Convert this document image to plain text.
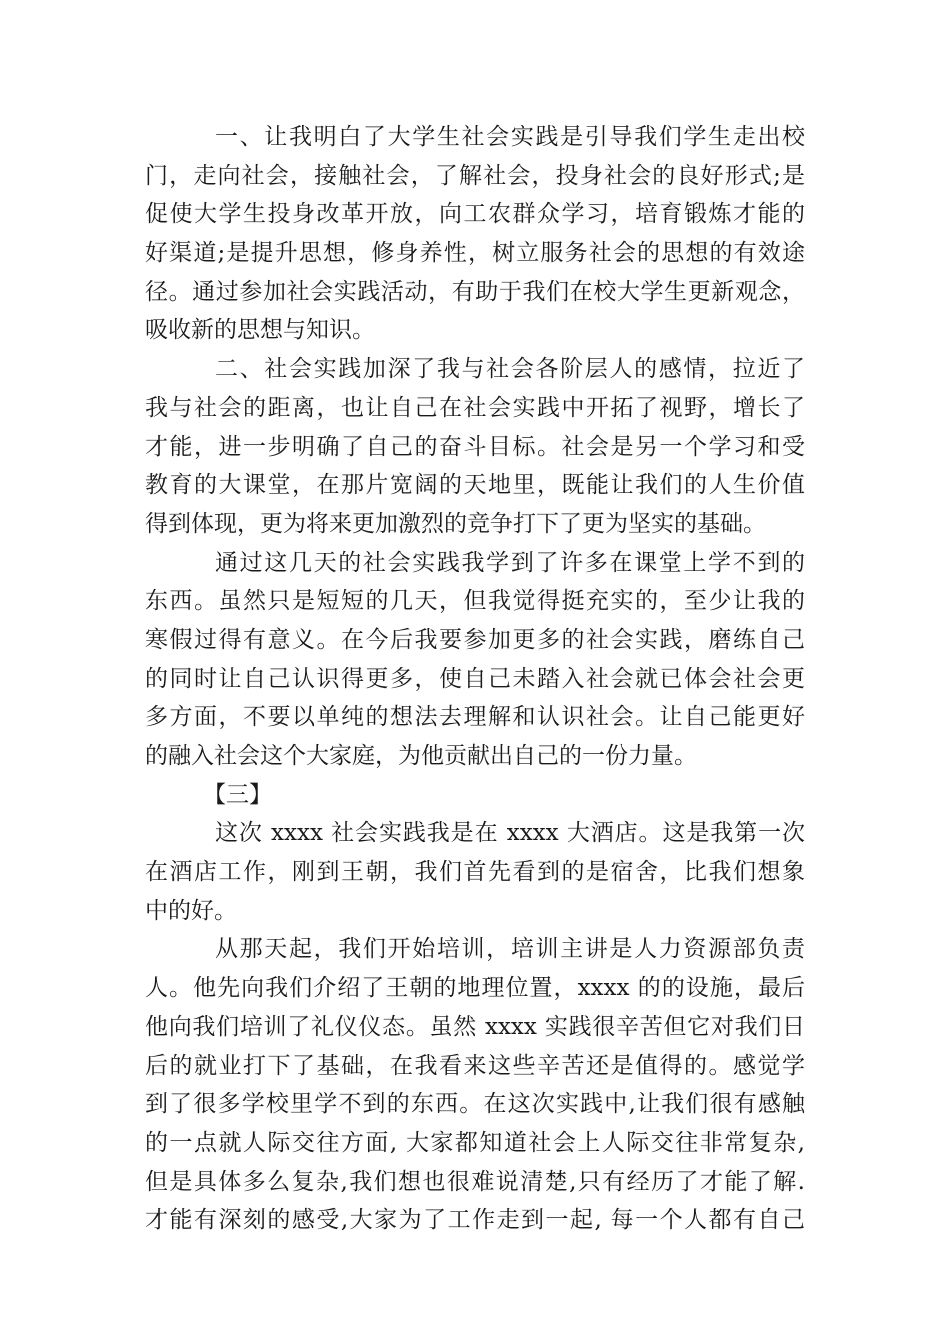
一、让我明白了大学生社会实践是引导我们学生走出校
门，走向社会，接触社会，了解社会，投身社会的良好形式;是
促使大学生投身改革开放，向工农群众学习，培育锻炼才能的
好渠道;是提升思想，修身养性，树立服务社会的思想的有效途
径。通过参加社会实践活动，有助于我们在校大学生更新观念，
吸收新的思想与知识。
二、社会实践加深了我与社会各阶层人的感情，拉近了
我与社会的距离，也让自己在社会实践中开拓了视野，增长了
才能，进一步明确了自己的奋斗目标。社会是另一个学习和受
教育的大课堂，在那片宽阔的天地里，既能让我们的人生价值
得到体现，更为将来更加激烈的竞争打下了更为坚实的基础。
通过这几天的社会实践我学到了许多在课堂上学不到的
东西。虽然只是短短的几天，但我觉得挺充实的，至少让我的
寒假过得有意义。在今后我要参加更多的社会实践，磨练自己
的同时让自己认识得更多，使自己未踏入社会就已体会社会更
多方面，不要以单纯的想法去理解和认识社会。让自己能更好
的融入社会这个大家庭，为他贡献出自己的一份力量。
【三】
这次 xxxx 社会实践我是在 xxxx 大酒店。这是我第一次
在酒店工作，刚到王朝，我们首先看到的是宿舍，比我们想象
中的好。
从那天起，我们开始培训，培训主讲是人力资源部负责
人。他先向我们介绍了王朝的地理位置，xxxx 的的设施，最后
他向我们培训了礼仪仪态。虽然 xxxx 实践很辛苦但它对我们日
后的就业打下了基础，在我看来这些辛苦还是值得的。感觉学
到了很多学校里学不到的东西。在这次实践中,让我们很有感触
的一点就人际交往方面, 大家都知道社会上人际交往非常复杂,
但是具体多么复杂,我们想也很难说清楚,只有经历了才能了解.
才能有深刻的感受,大家为了工作走到一起, 每一个人都有自己
